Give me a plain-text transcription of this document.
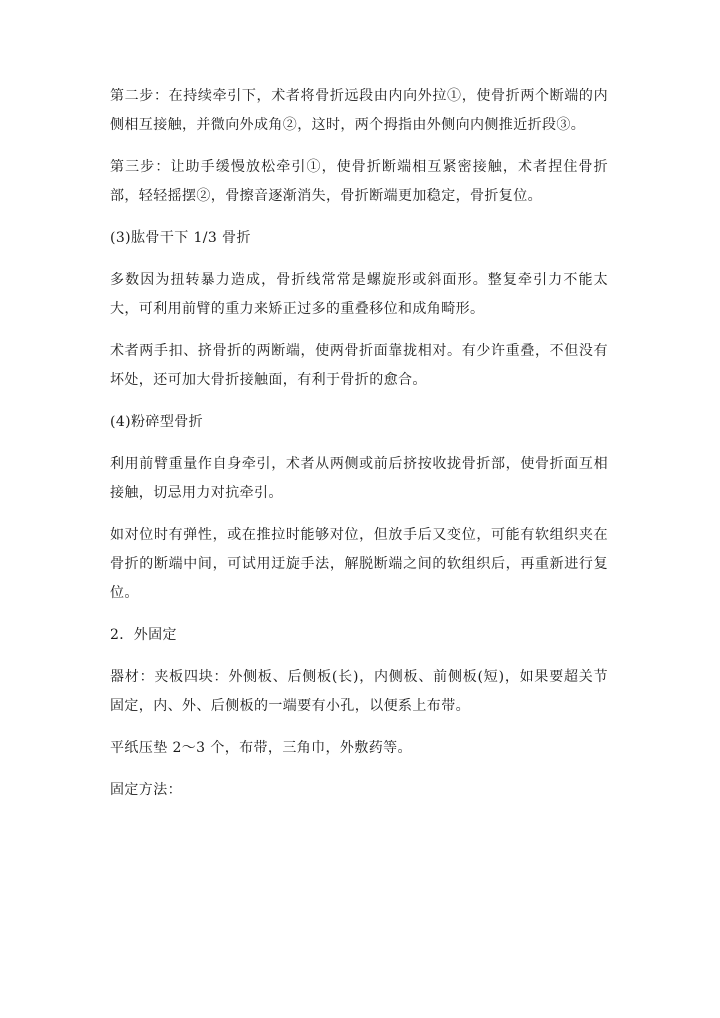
第二步：在持续牵引下，术者将骨折远段由内向外拉①，使骨折两个断端的内侧相互接触，并微向外成角②，这时，两个拇指由外侧向内侧推近折段③。

第三步：让助手缓慢放松牵引①，使骨折断端相互紧密接触，术者捏住骨折部，轻轻摇摆②，骨擦音逐渐消失，骨折断端更加稳定，骨折复位。

(3)肱骨干下 1/3 骨折

多数因为扭转暴力造成，骨折线常常是螺旋形或斜面形。整复牵引力不能太大，可利用前臂的重力来矫正过多的重叠移位和成角畸形。

术者两手扣、挤骨折的两断端，使两骨折面靠拢相对。有少许重叠，不但没有坏处，还可加大骨折接触面，有利于骨折的愈合。

(4)粉碎型骨折

利用前臂重量作自身牵引，术者从两侧或前后挤按收拢骨折部，使骨折面互相接触，切忌用力对抗牵引。

如对位时有弹性，或在推拉时能够对位，但放手后又变位，可能有软组织夹在骨折的断端中间，可试用迂旋手法，解脱断端之间的软组织后，再重新进行复位。

2．外固定

器材：夹板四块：外侧板、后侧板(长)，内侧板、前侧板(短)，如果要超关节固定，内、外、后侧板的一端要有小孔，以便系上布带。

平纸压垫 2～3 个，布带，三角巾，外敷药等。

固定方法：
